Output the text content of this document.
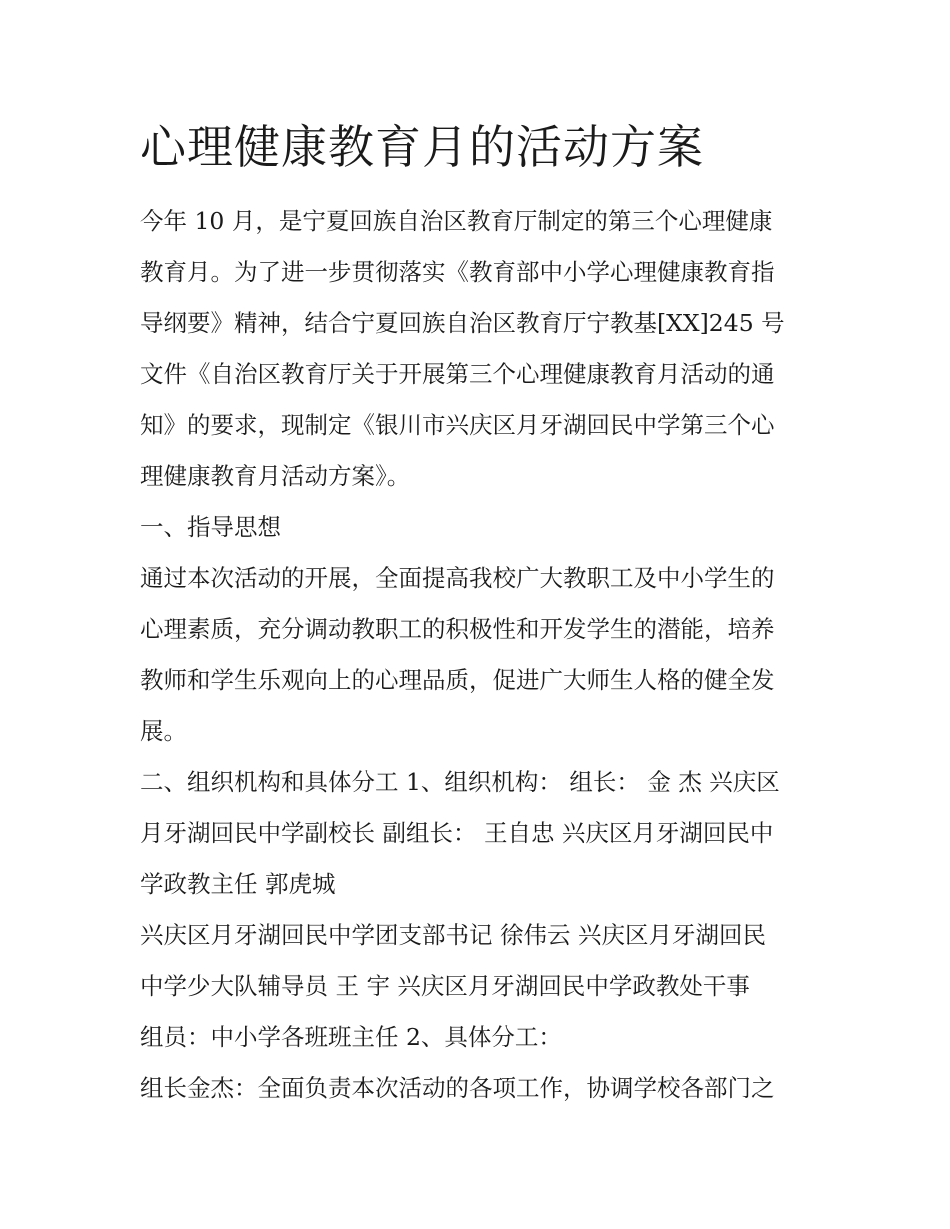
心理健康教育月的活动方案
今年 10 月，是宁夏回族自治区教育厅制定的第三个心理健康
教育月。为了进一步贯彻落实《教育部中小学心理健康教育指
导纲要》精神，结合宁夏回族自治区教育厅宁教基[XX]245 号
文件《自治区教育厅关于开展第三个心理健康教育月活动的通
知》的要求，现制定《银川市兴庆区月牙湖回民中学第三个心
理健康教育月活动方案》。
一、指导思想
通过本次活动的开展，全面提高我校广大教职工及中小学生的
心理素质，充分调动教职工的积极性和开发学生的潜能，培养
教师和学生乐观向上的心理品质，促进广大师生人格的健全发
展。
二、组织机构和具体分工 1、组织机构： 组长： 金 杰 兴庆区
月牙湖回民中学副校长 副组长： 王自忠 兴庆区月牙湖回民中
学政教主任 郭虎城
兴庆区月牙湖回民中学团支部书记 徐伟云 兴庆区月牙湖回民
中学少大队辅导员 王 宇 兴庆区月牙湖回民中学政教处干事
组员：中小学各班班主任 2、具体分工：
组长金杰：全面负责本次活动的各项工作，协调学校各部门之
